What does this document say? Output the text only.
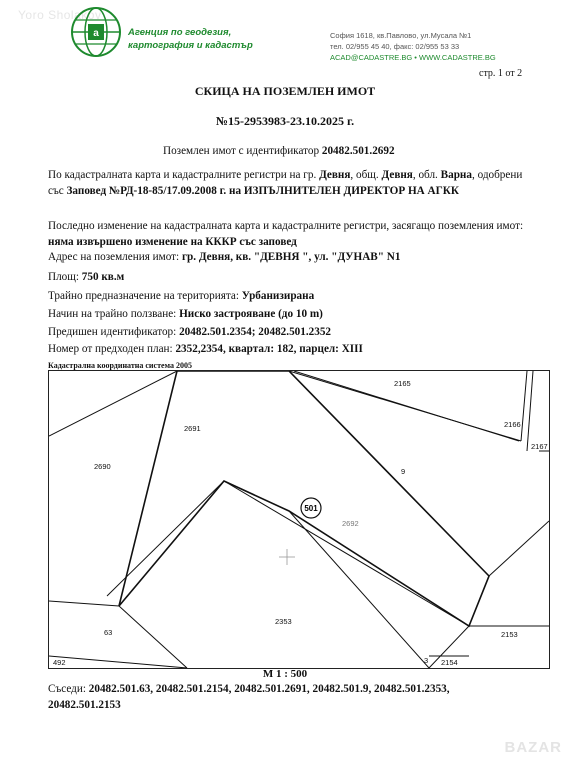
Yoro Sholakov
a	Агенция по геодезия,
картография и кадастър
София 1618, кв.Павлово, ул.Мусала №1
тел. 02/955 45 40, факс: 02/955 53 33
ACAD@CADASTRE.BG • WWW.CADASTRE.BG
стр. 1 от 2
СКИЦА НА ПОЗЕМЛЕН ИМОТ
№15-2953983-23.10.2025 г.
Поземлен имот с идентификатор 20482.501.2692
По кадастралната карта и кадастралните регистри на гр. Девня, общ. Девня, обл. Варна, одобрени със Заповед №РД-18-85/17.09.2008 г. на ИЗПЪЛНИТЕЛЕН ДИРЕКТОР НА АГКК
Последно изменение на кадастралната карта и кадастралните регистри, засягащо поземления имот: няма извършено изменение на КККР със заповед
Адрес на поземления имот: гр. Девня, кв. "ДЕВНЯ ", ул. "ДУНАВ" N1
Площ: 750 кв.м
Трайно предназначение на територията: Урбанизирана
Начин на трайно ползване: Ниско застрояване (до 10 m)
Предишен идентификатор: 20482.501.2354; 20482.501.2352
Номер от предходен план: 2352,2354, квартал: 182, парцел: XIII
Кадастрална координатна система 2005
501
2165
2166
2167
2691
2690
9
2692
2353
2153
63
492	3 2154
М 1 : 500
Съседи: 20482.501.63, 20482.501.2154, 20482.501.2691, 20482.501.9, 20482.501.2353, 20482.501.2153
BAZAR
